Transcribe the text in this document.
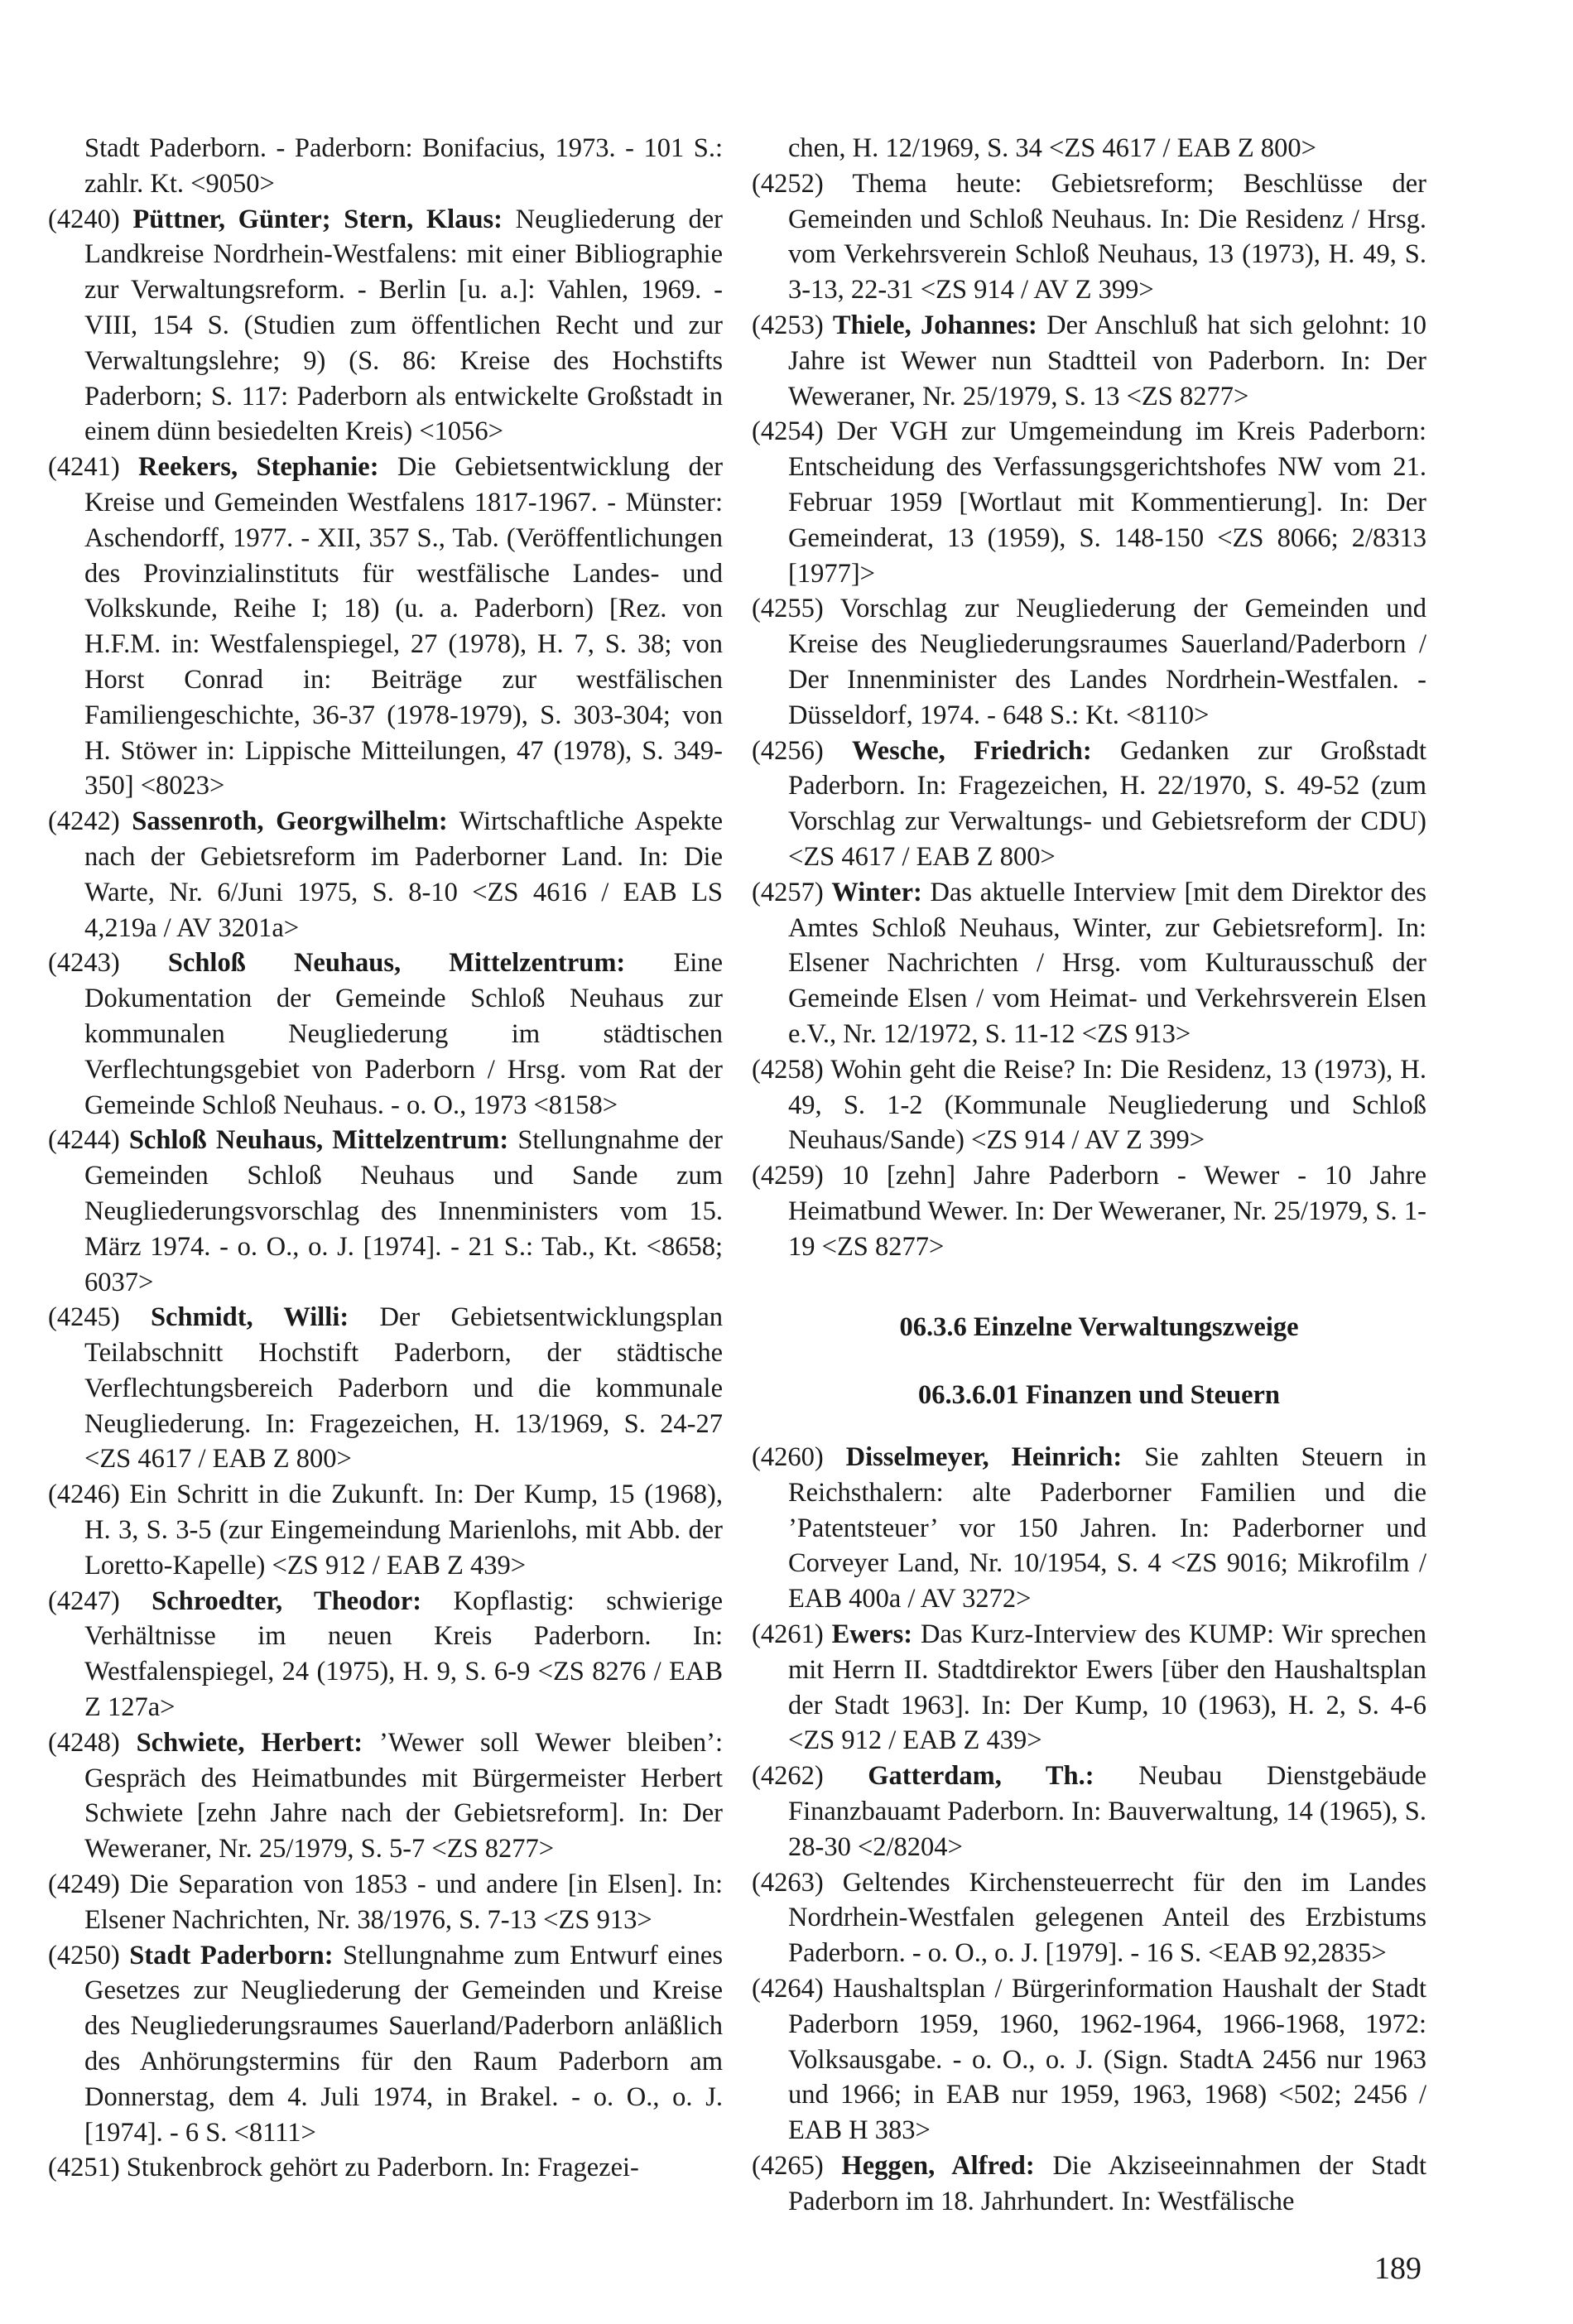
Stadt Paderborn. - Paderborn: Bonifacius, 1973. - 101 S.: zahlr. Kt. <9050>

(4240) Püttner, Günter; Stern, Klaus: Neugliederung der Landkreise Nordrhein-Westfalens: mit einer Bibliographie zur Verwaltungsreform. - Berlin [u. a.]: Vahlen, 1969. - VIII, 154 S. (Studien zum öffentlichen Recht und zur Verwaltungslehre; 9) (S. 86: Kreise des Hochstifts Paderborn; S. 117: Paderborn als entwickelte Großstadt in einem dünn besiedelten Kreis) <1056>

(4241) Reekers, Stephanie: Die Gebietsentwicklung der Kreise und Gemeinden Westfalens 1817-1967. - Münster: Aschendorff, 1977. - XII, 357 S., Tab. (Veröffentlichungen des Provinzialinstituts für westfälische Landes- und Volkskunde, Reihe I; 18) (u. a. Paderborn) [Rez. von H.F.M. in: Westfalenspiegel, 27 (1978), H. 7, S. 38; von Horst Conrad in: Beiträge zur westfälischen Familiengeschichte, 36-37 (1978-1979), S. 303-304; von H. Stöwer in: Lippische Mitteilungen, 47 (1978), S. 349-350] <8023>

(4242) Sassenroth, Georgwilhelm: Wirtschaftliche Aspekte nach der Gebietsreform im Paderborner Land. In: Die Warte, Nr. 6/Juni 1975, S. 8-10 <ZS 4616 / EAB LS 4,219a / AV 3201a>

(4243) Schloß Neuhaus, Mittelzentrum: Eine Dokumentation der Gemeinde Schloß Neuhaus zur kommunalen Neugliederung im städtischen Verflechtungsgebiet von Paderborn / Hrsg. vom Rat der Gemeinde Schloß Neuhaus. - o. O., 1973 <8158>

(4244) Schloß Neuhaus, Mittelzentrum: Stellungnahme der Gemeinden Schloß Neuhaus und Sande zum Neugliederungsvorschlag des Innenministers vom 15. März 1974. - o. O., o. J. [1974]. - 21 S.: Tab., Kt. <8658; 6037>

(4245) Schmidt, Willi: Der Gebietsentwicklungsplan Teilabschnitt Hochstift Paderborn, der städtische Verflechtungsbereich Paderborn und die kommunale Neugliederung. In: Fragezeichen, H. 13/1969, S. 24-27 <ZS 4617 / EAB Z 800>

(4246) Ein Schritt in die Zukunft. In: Der Kump, 15 (1968), H. 3, S. 3-5 (zur Eingemeindung Marienlohs, mit Abb. der Loretto-Kapelle) <ZS 912 / EAB Z 439>

(4247) Schroedter, Theodor: Kopflastig: schwierige Verhältnisse im neuen Kreis Paderborn. In: Westfalenspiegel, 24 (1975), H. 9, S. 6-9 <ZS 8276 / EAB Z 127a>

(4248) Schwiete, Herbert: ’Wewer soll Wewer bleiben’: Gespräch des Heimatbundes mit Bürgermeister Herbert Schwiete [zehn Jahre nach der Gebietsreform]. In: Der Weweraner, Nr. 25/1979, S. 5-7 <ZS 8277>

(4249) Die Separation von 1853 - und andere [in Elsen]. In: Elsener Nachrichten, Nr. 38/1976, S. 7-13 <ZS 913>

(4250) Stadt Paderborn: Stellungnahme zum Entwurf eines Gesetzes zur Neugliederung der Gemeinden und Kreise des Neugliederungsraumes Sauerland/Paderborn anläßlich des Anhörungstermins für den Raum Paderborn am Donnerstag, dem 4. Juli 1974, in Brakel. - o. O., o. J. [1974]. - 6 S. <8111>

(4251) Stukenbrock gehört zu Paderborn. In: Fragezei-

chen, H. 12/1969, S. 34 <ZS 4617 / EAB Z 800>

(4252) Thema heute: Gebietsreform; Beschlüsse der Gemeinden und Schloß Neuhaus. In: Die Residenz / Hrsg. vom Verkehrsverein Schloß Neuhaus, 13 (1973), H. 49, S. 3-13, 22-31 <ZS 914 / AV Z 399>

(4253) Thiele, Johannes: Der Anschluß hat sich gelohnt: 10 Jahre ist Wewer nun Stadtteil von Paderborn. In: Der Weweraner, Nr. 25/1979, S. 13 <ZS 8277>

(4254) Der VGH zur Umgemeindung im Kreis Paderborn: Entscheidung des Verfassungsgerichtshofes NW vom 21. Februar 1959 [Wortlaut mit Kommentierung]. In: Der Gemeinderat, 13 (1959), S. 148-150 <ZS 8066; 2/8313 [1977]>

(4255) Vorschlag zur Neugliederung der Gemeinden und Kreise des Neugliederungsraumes Sauerland/Paderborn / Der Innenminister des Landes Nordrhein-Westfalen. - Düsseldorf, 1974. - 648 S.: Kt. <8110>

(4256) Wesche, Friedrich: Gedanken zur Großstadt Paderborn. In: Fragezeichen, H. 22/1970, S. 49-52 (zum Vorschlag zur Verwaltungs- und Gebietsreform der CDU) <ZS 4617 / EAB Z 800>

(4257) Winter: Das aktuelle Interview [mit dem Direktor des Amtes Schloß Neuhaus, Winter, zur Gebietsreform]. In: Elsener Nachrichten / Hrsg. vom Kulturausschuß der Gemeinde Elsen / vom Heimat- und Verkehrsverein Elsen e.V., Nr. 12/1972, S. 11-12 <ZS 913>

(4258) Wohin geht die Reise? In: Die Residenz, 13 (1973), H. 49, S. 1-2 (Kommunale Neugliederung und Schloß Neuhaus/Sande) <ZS 914 / AV Z 399>

(4259) 10 [zehn] Jahre Paderborn - Wewer - 10 Jahre Heimatbund Wewer. In: Der Weweraner, Nr. 25/1979, S. 1-19 <ZS 8277>

06.3.6 Einzelne Verwaltungszweige

06.3.6.01 Finanzen und Steuern

(4260) Disselmeyer, Heinrich: Sie zahlten Steuern in Reichsthalern: alte Paderborner Familien und die ’Patentsteuer’ vor 150 Jahren. In: Paderborner und Corveyer Land, Nr. 10/1954, S. 4 <ZS 9016; Mikrofilm / EAB 400a / AV 3272>

(4261) Ewers: Das Kurz-Interview des KUMP: Wir sprechen mit Herrn II. Stadtdirektor Ewers [über den Haushaltsplan der Stadt 1963]. In: Der Kump, 10 (1963), H. 2, S. 4-6 <ZS 912 / EAB Z 439>

(4262) Gatterdam, Th.: Neubau Dienstgebäude Finanzbauamt Paderborn. In: Bauverwaltung, 14 (1965), S. 28-30 <2/8204>

(4263) Geltendes Kirchensteuerrecht für den im Landes Nordrhein-Westfalen gelegenen Anteil des Erzbistums Paderborn. - o. O., o. J. [1979]. - 16 S. <EAB 92,2835>

(4264) Haushaltsplan / Bürgerinformation Haushalt der Stadt Paderborn 1959, 1960, 1962-1964, 1966-1968, 1972: Volksausgabe. - o. O., o. J. (Sign. StadtA 2456 nur 1963 und 1966; in EAB nur 1959, 1963, 1968) <502; 2456 / EAB H 383>

(4265) Heggen, Alfred: Die Akziseeinnahmen der Stadt Paderborn im 18. Jahrhundert. In: Westfälische

189
